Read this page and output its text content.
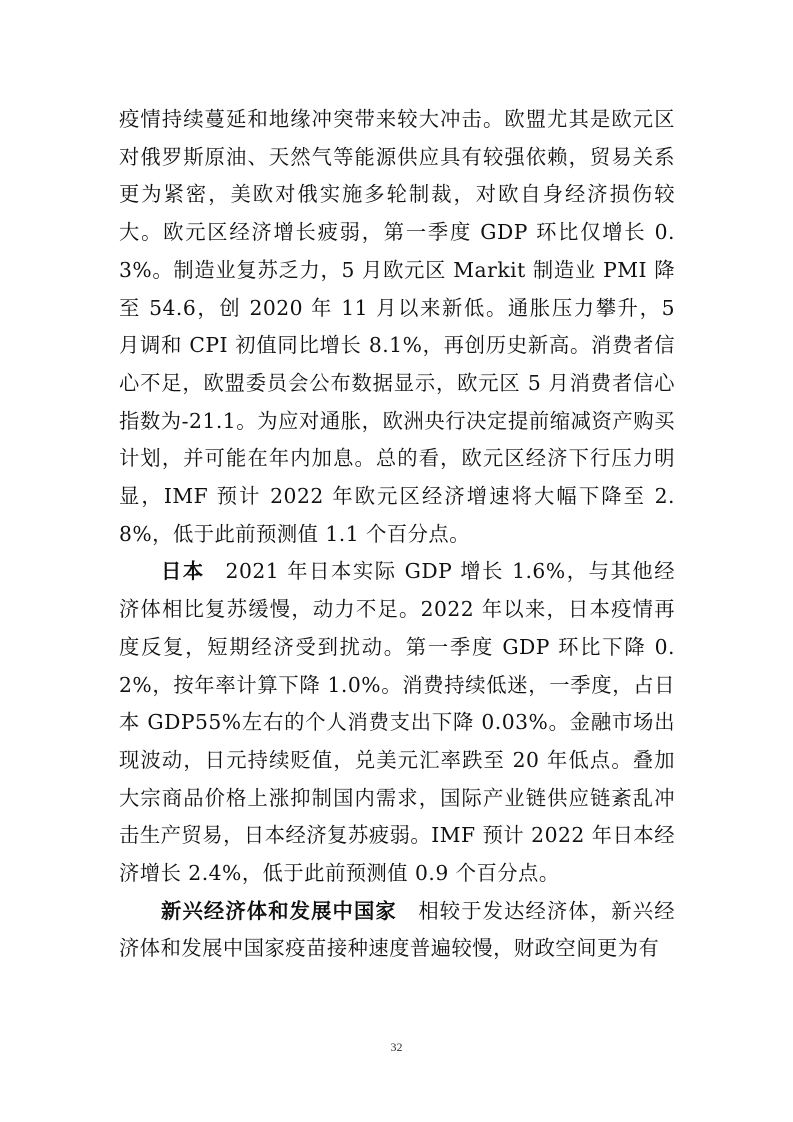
疫情持续蔓延和地缘冲突带来较大冲击。欧盟尤其是欧元区对俄罗斯原油、天然气等能源供应具有较强依赖，贸易关系更为紧密，美欧对俄实施多轮制裁，对欧自身经济损伤较大。欧元区经济增长疲弱，第一季度 GDP 环比仅增长 0.3%。制造业复苏乏力，5 月欧元区 Markit 制造业 PMI 降至 54.6，创 2020 年 11 月以来新低。通胀压力攀升，5 月调和 CPI 初值同比增长 8.1%，再创历史新高。消费者信心不足，欧盟委员会公布数据显示，欧元区 5 月消费者信心指数为-21.1。为应对通胀，欧洲央行决定提前缩减资产购买计划，并可能在年内加息。总的看，欧元区经济下行压力明显，IMF 预计 2022 年欧元区经济增速将大幅下降至 2.8%，低于此前预测值 1.1 个百分点。

日本  2021 年日本实际 GDP 增长 1.6%，与其他经济体相比复苏缓慢，动力不足。2022 年以来，日本疫情再度反复，短期经济受到扰动。第一季度 GDP 环比下降 0.2%，按年率计算下降 1.0%。消费持续低迷，一季度，占日本 GDP55%左右的个人消费支出下降 0.03%。金融市场出现波动，日元持续贬值，兑美元汇率跌至 20 年低点。叠加大宗商品价格上涨抑制国内需求，国际产业链供应链紊乱冲击生产贸易，日本经济复苏疲弱。IMF 预计 2022 年日本经济增长 2.4%，低于此前预测值 0.9 个百分点。

新兴经济体和发展中国家  相较于发达经济体，新兴经济体和发展中国家疫苗接种速度普遍较慢，财政空间更为有

32
